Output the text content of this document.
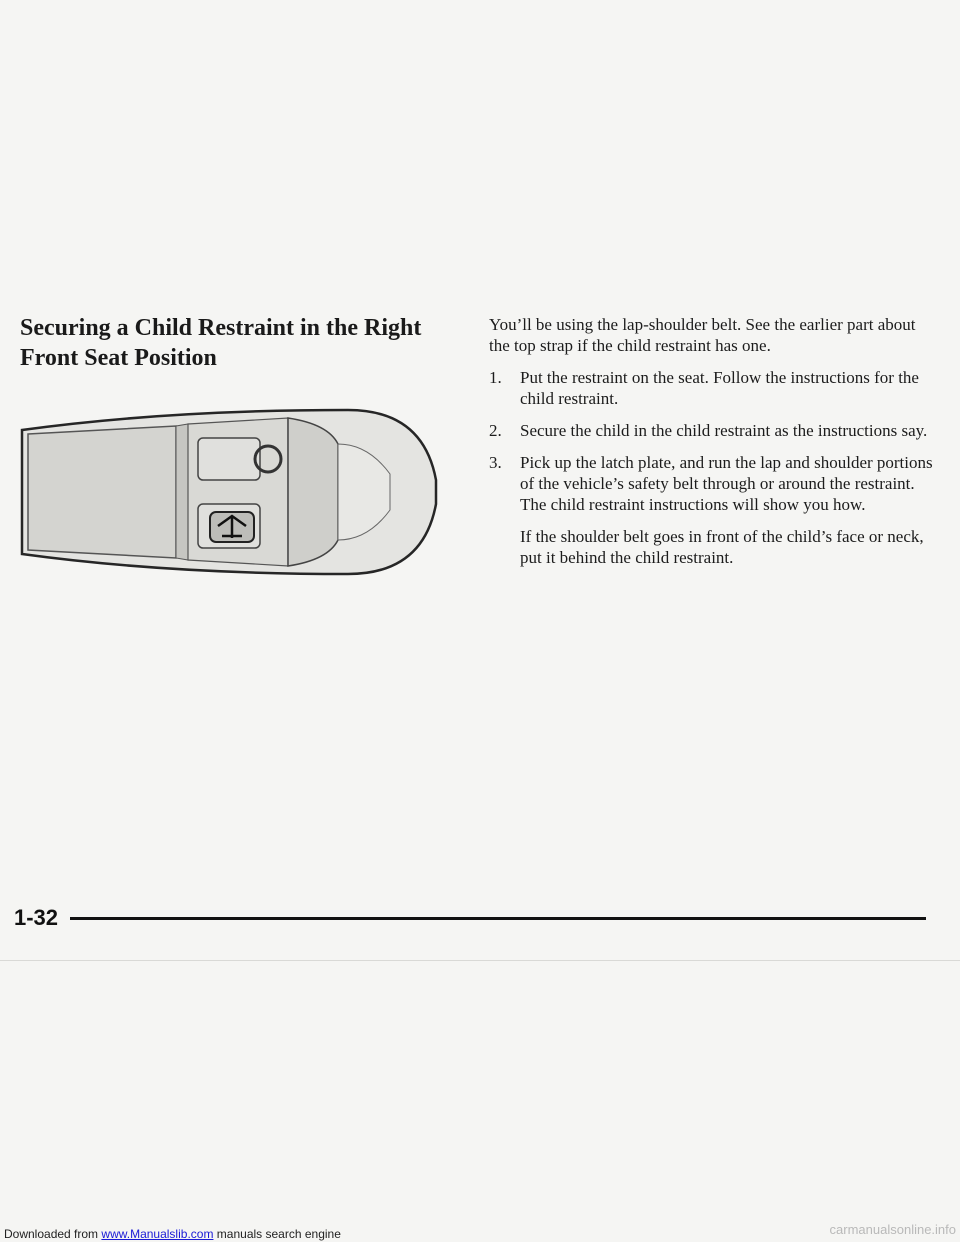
Securing a Child Restraint in the Right
Front Seat Position

You’ll be using the lap-shoulder belt. See the earlier part about the top strap if the child restraint has one.

1. Put the restraint on the seat. Follow the instructions for the child restraint.
2. Secure the child in the child restraint as the instructions say.
3. Pick up the latch plate, and run the lap and shoulder portions of the vehicle’s safety belt through or around the restraint. The child restraint instructions will show you how.
If the shoulder belt goes in front of the child’s face or neck, put it behind the child restraint.
1-32
Downloaded from www.Manualslib.com manuals search engine	carmanualsonline.info
